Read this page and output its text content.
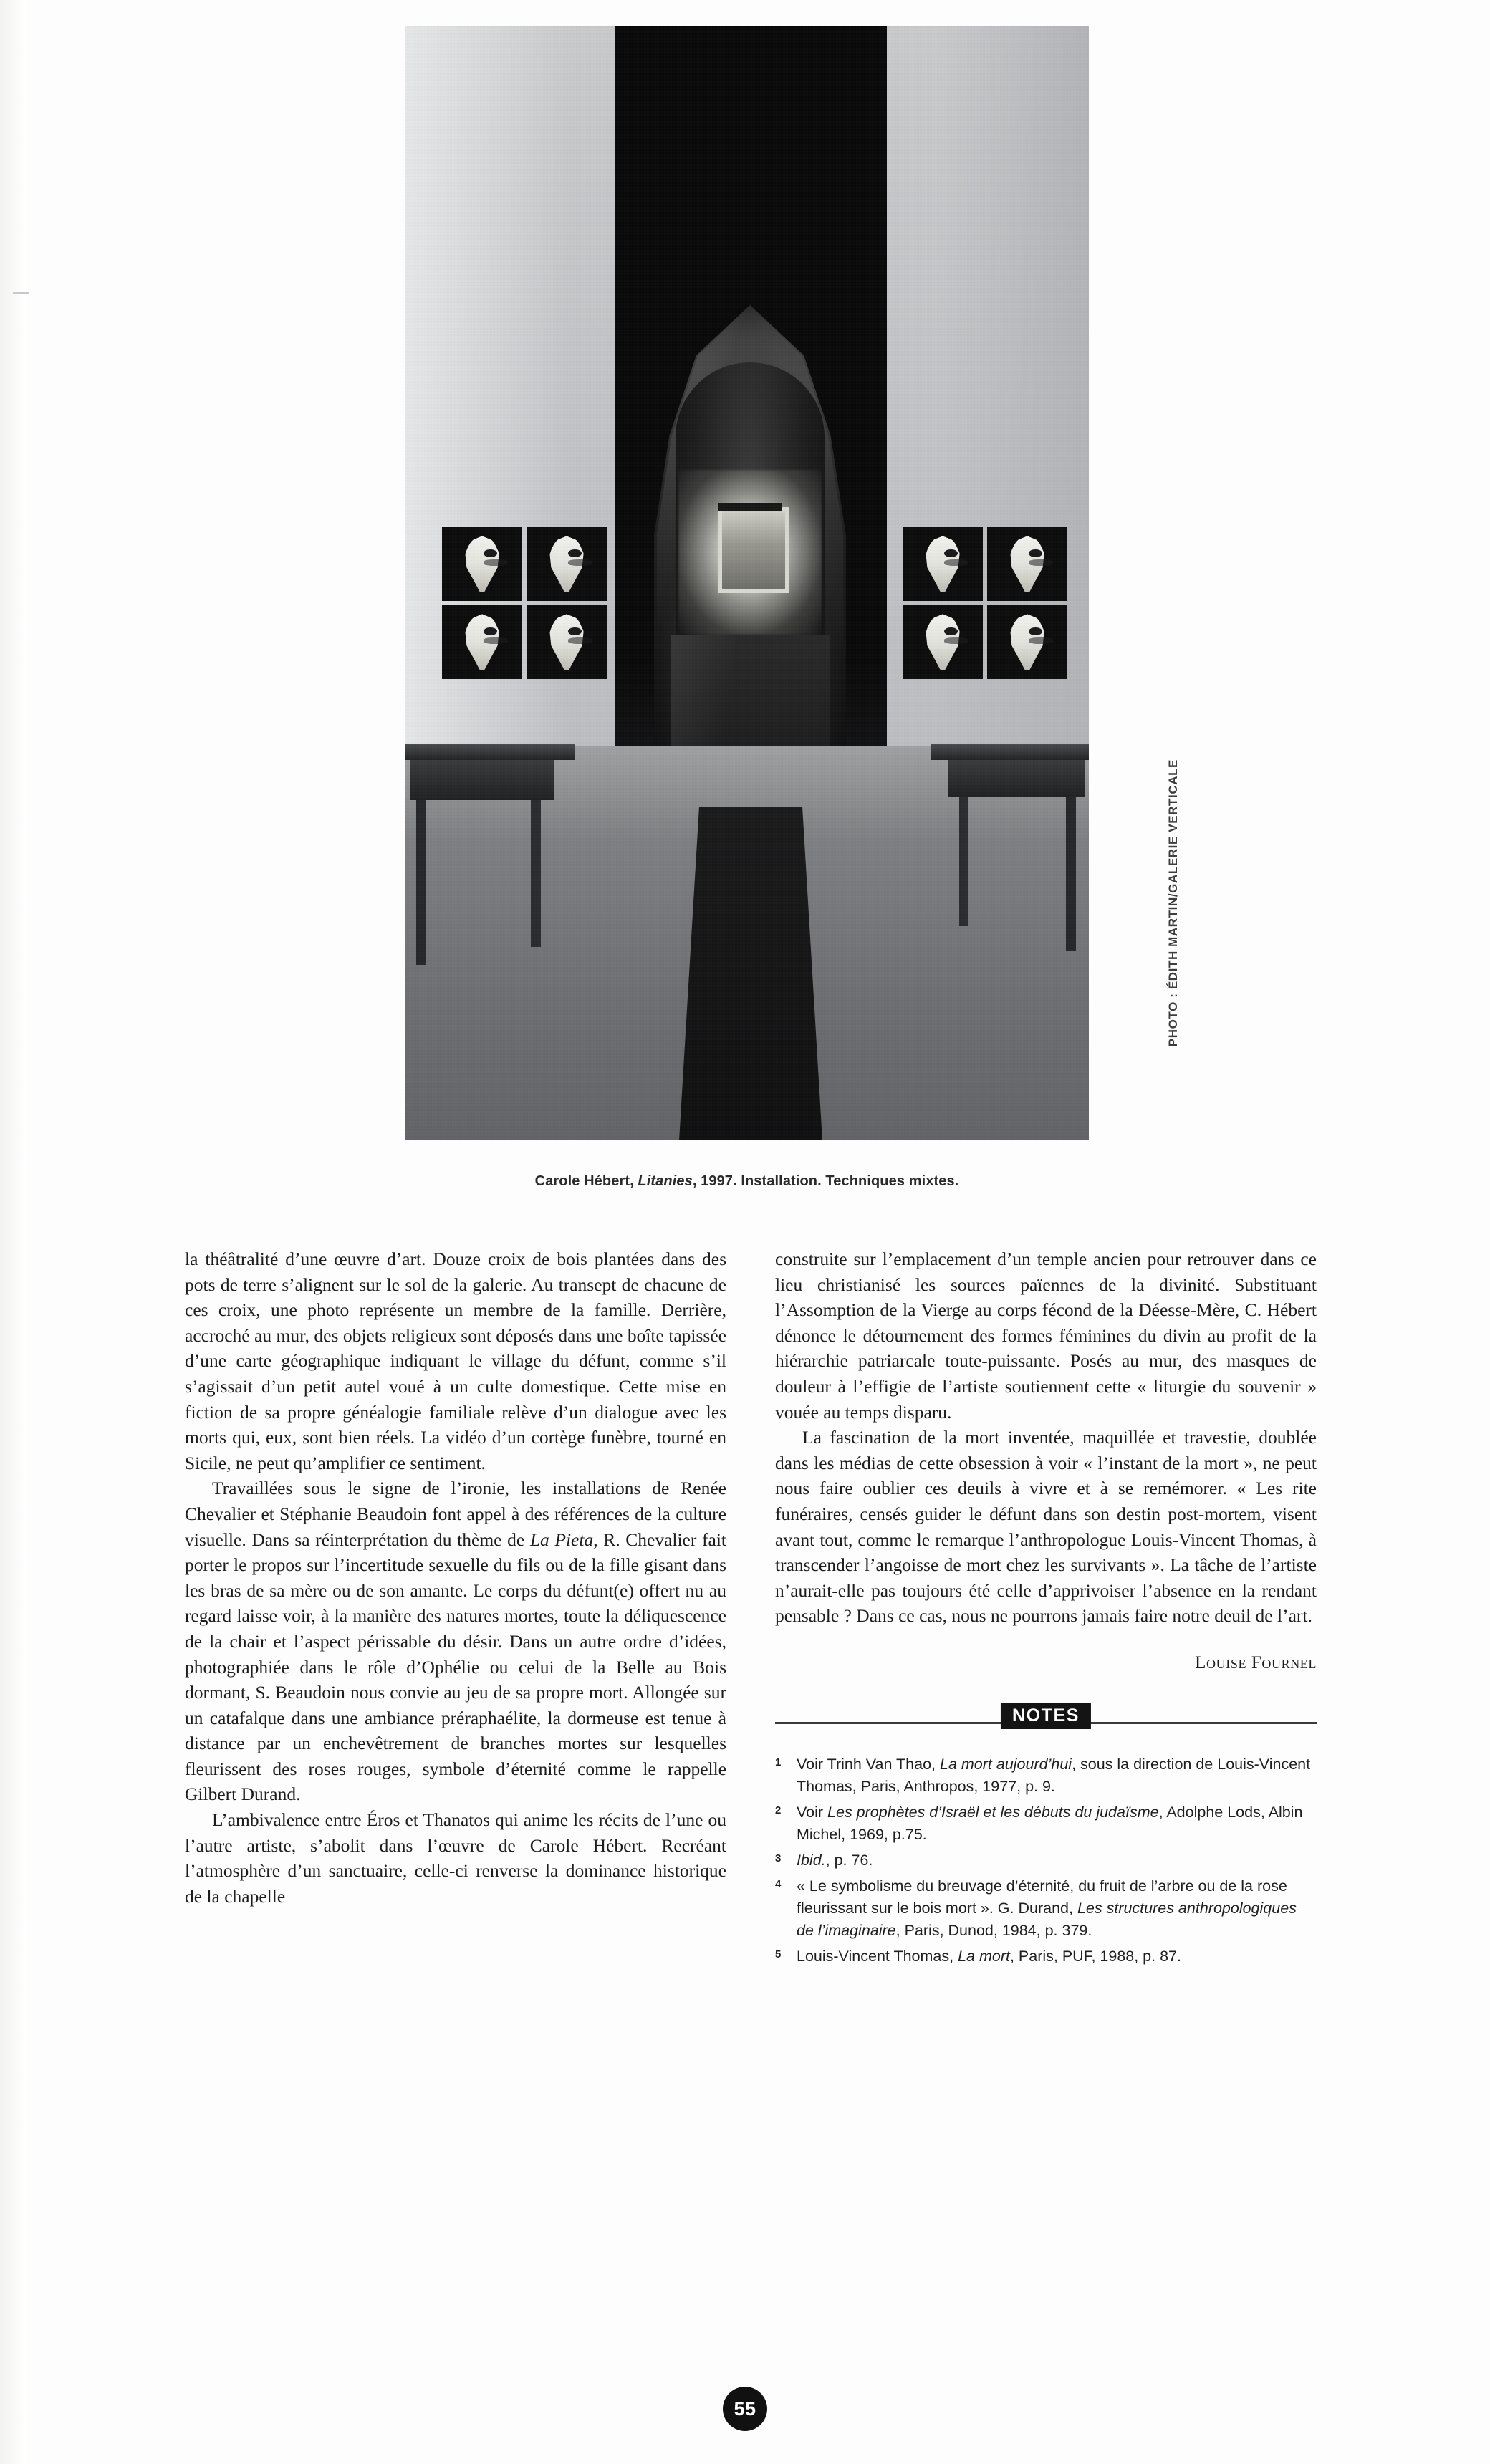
PHOTO : ÉDITH MARTIN/GALERIE VERTICALE
Carole Hébert, Litanies, 1997. Installation. Techniques mixtes.

la théâtralité d’une œuvre d’art. Douze croix de bois plantées dans des pots de terre s’alignent sur le sol de la galerie. Au transept de chacune de ces croix, une photo représente un membre de la famille. Derrière, accroché au mur, des objets religieux sont déposés dans une boîte tapissée d’une carte géographique indiquant le village du défunt, comme s’il s’agissait d’un petit autel voué à un culte domestique. Cette mise en fiction de sa propre généalogie familiale relève d’un dialogue avec les morts qui, eux, sont bien réels. La vidéo d’un cortège funèbre, tourné en Sicile, ne peut qu’amplifier ce sentiment.

Travaillées sous le signe de l’ironie, les installations de Renée Chevalier et Stéphanie Beaudoin font appel à des références de la culture visuelle. Dans sa réinterprétation du thème de La Pieta, R. Chevalier fait porter le propos sur l’incertitude sexuelle du fils ou de la fille gisant dans les bras de sa mère ou de son amante. Le corps du défunt(e) offert nu au regard laisse voir, à la manière des natures mortes, toute la déliquescence de la chair et l’aspect périssable du désir. Dans un autre ordre d’idées, photographiée dans le rôle d’Ophélie ou celui de la Belle au Bois dormant, S. Beaudoin nous convie au jeu de sa propre mort. Allongée sur un catafalque dans une ambiance préraphaélite, la dormeuse est tenue à distance par un enchevêtrement de branches mortes sur lesquelles fleurissent des roses rouges, symbole d’éternité comme le rappelle Gilbert Durand.

L’ambivalence entre Éros et Thanatos qui anime les récits de l’une ou l’autre artiste, s’abolit dans l’œuvre de Carole Hébert. Recréant l’atmosphère d’un sanctuaire, celle-ci renverse la dominance historique de la chapelle

construite sur l’emplacement d’un temple ancien pour retrouver dans ce lieu christianisé les sources païennes de la divinité. Substituant l’Assomption de la Vierge au corps fécond de la Déesse-Mère, C. Hébert dénonce le détournement des formes féminines du divin au profit de la hiérarchie patriarcale toute-puissante. Posés au mur, des masques de douleur à l’effigie de l’artiste soutiennent cette « liturgie du souvenir » vouée au temps disparu.

La fascination de la mort inventée, maquillée et travestie, doublée dans les médias de cette obsession à voir « l’instant de la mort », ne peut nous faire oublier ces deuils à vivre et à se remémorer. « Les rite funéraires, censés guider le défunt dans son destin post-mortem, visent avant tout, comme le remarque l’anthropologue Louis-Vincent Thomas, à transcender l’angoisse de mort chez les survivants ». La tâche de l’artiste n’aurait-elle pas toujours été celle d’apprivoiser l’absence en la rendant pensable ? Dans ce cas, nous ne pourrons jamais faire notre deuil de l’art.

Louise Fournel
NOTES
1 Voir Trinh Van Thao, La mort aujourd’hui, sous la direction de Louis-Vincent Thomas, Paris, Anthropos, 1977, p. 9.
2 Voir Les prophètes d’Israël et les débuts du judaïsme, Adolphe Lods, Albin Michel, 1969, p.75.
3 Ibid., p. 76.
4 « Le symbolisme du breuvage d’éternité, du fruit de l’arbre ou de la rose fleurissant sur le bois mort ». G. Durand, Les structures anthropologiques de l’imaginaire, Paris, Dunod, 1984, p. 379.
5 Louis-Vincent Thomas, La mort, Paris, PUF, 1988, p. 87.
55
